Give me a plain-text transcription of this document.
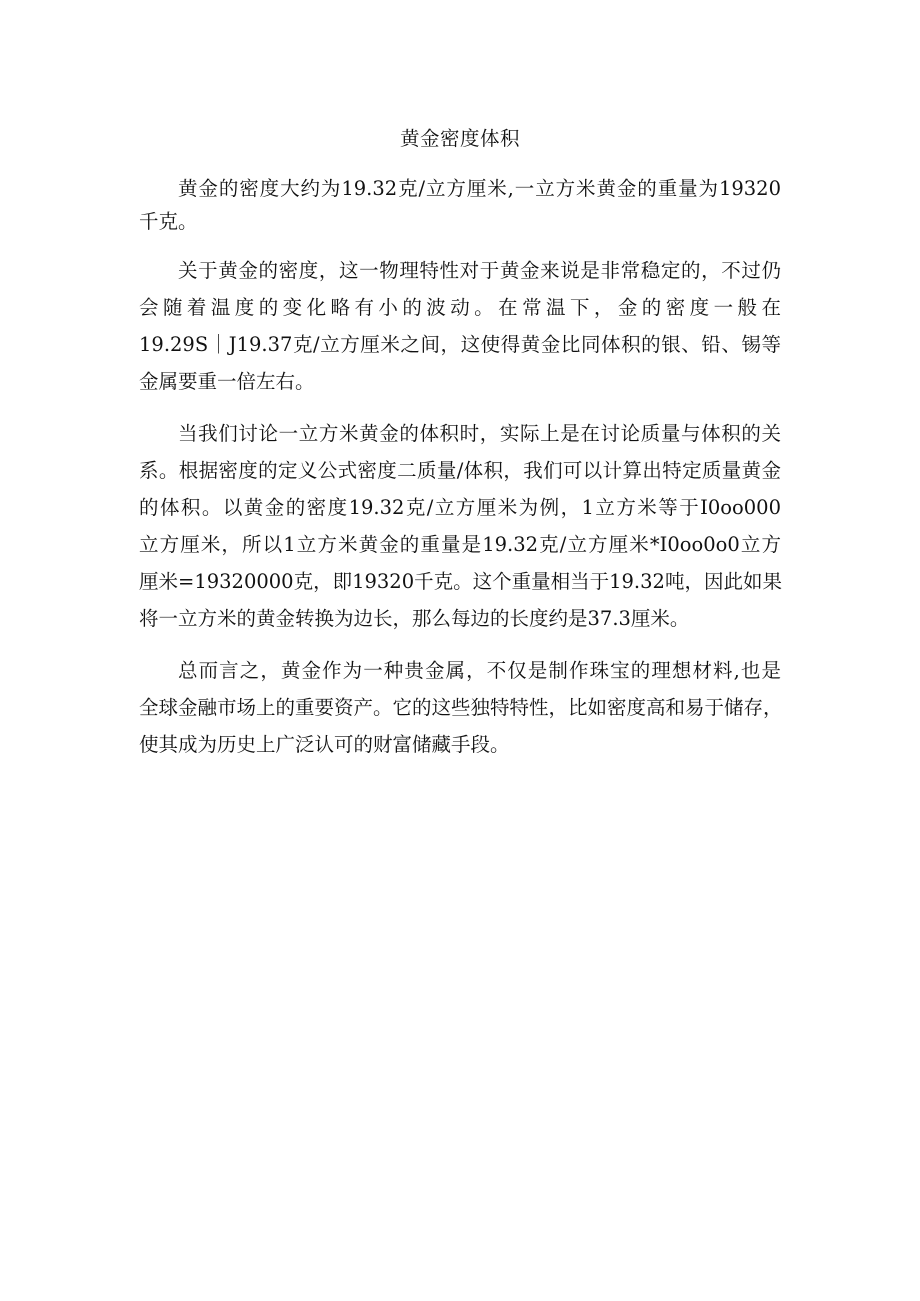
黄金密度体积
黄金的密度大约为19.32克/立方厘米,一立方米黄金的重量为19320
千克。
关于黄金的密度，这一物理特性对于黄金来说是非常稳定的，不过仍
会随着温度的变化略有小的波动。在常温下，金的密度一般在
19.29S｜J19.37克/立方厘米之间，这使得黄金比同体积的银、铅、锡等
金属要重一倍左右。
当我们讨论一立方米黄金的体积时，实际上是在讨论质量与体积的关
系。根据密度的定义公式密度二质量/体积，我们可以计算出特定质量黄金
的体积。以黄金的密度19.32克/立方厘米为例，1立方米等于I0oo000
立方厘米，所以1立方米黄金的重量是19.32克/立方厘米*I0oo0o0立方
厘米=19320000克，即19320千克。这个重量相当于19.32吨，因此如果
将一立方米的黄金转换为边长，那么每边的长度约是37.3厘米。
总而言之，黄金作为一种贵金属，不仅是制作珠宝的理想材料,也是
全球金融市场上的重要资产。它的这些独特特性，比如密度高和易于储存，
使其成为历史上广泛认可的财富储藏手段。
